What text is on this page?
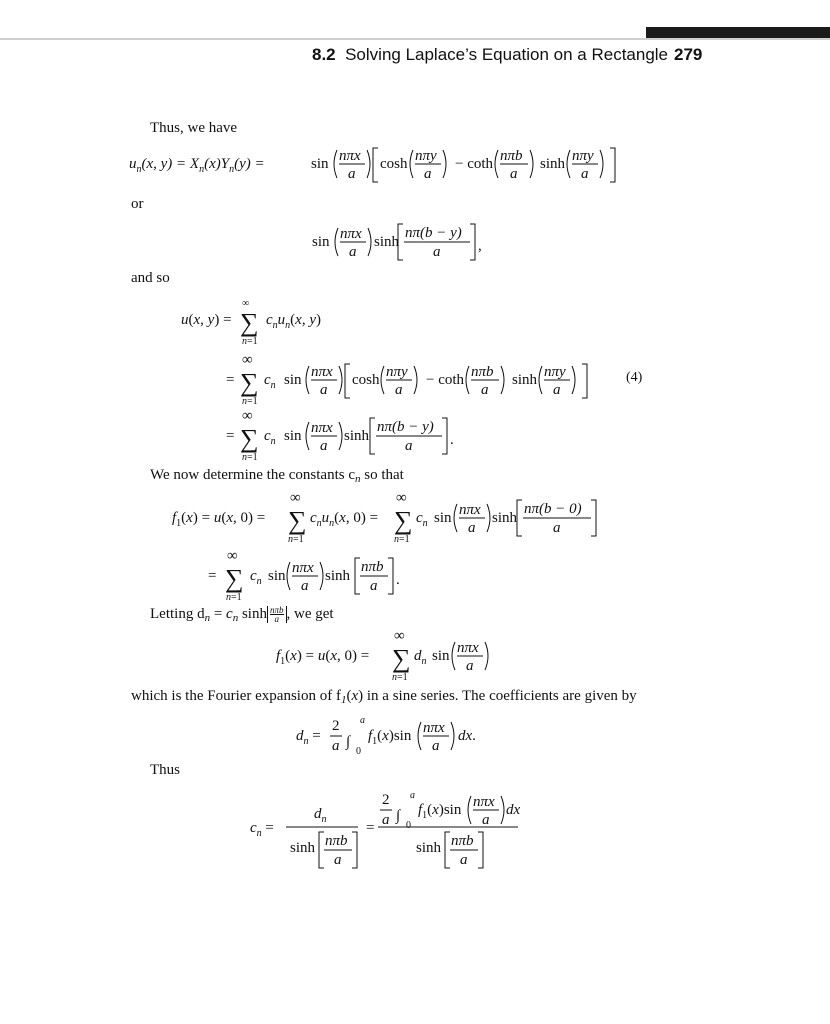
8.2 Solving Laplace’s Equation on a Rectangle 279
Thus, we have
or
and so
We now determine the constants $c_n$ so that
Letting $d_n = c_n$ sinh nπb

a , we get
which is the Fourier expansion of $f_1(x)$ in a sine series. The coefficients are given by
Thus
$u_n(x$, $y) = X_n(x)Y_n(y)$ =	sin nπx
a
cosh nπy
a
− coth nπb
a
sinh nπy
a
sin nπx
a
sinh
nπ(b − y)
a	,
u(x, y) =
∞
∑
n=1
$c_nu_n(x$, y)
=
∞
∑
n=1
$c_n$ sin nπx
a
cosh nπy
a
− coth nπb
a
sinh nπy
a
(4)
=
∞
∑
n=1
$c_n$ sin nπx
a
sinh
nπ(b − y)
a	.
$f_1(x) = u(x$, 0) =
∞
∑
n=1
$c_nu_n(x$, 0) =
∞
∑
n=1
$c_n$ sin nπx
a
sinh
nπ(b − 0)
a
=
∞
∑
n=1
$c_n$ sin nπx
a
sinh
nπb
a .
$f_1(x) = u(x$, 0) =
∞
∑
n=1
$d_n$ sin nπx
a
$d_n$ =
2
a ∫
a
0
$f_1(x)\sin$ nπx
a
dx.
$c_n$ =
$d_n$
sinh nπb
a
=
2
a ∫
a
0
$f_1(x)\sin$ nπx
a
dx
sinh nπb
a
